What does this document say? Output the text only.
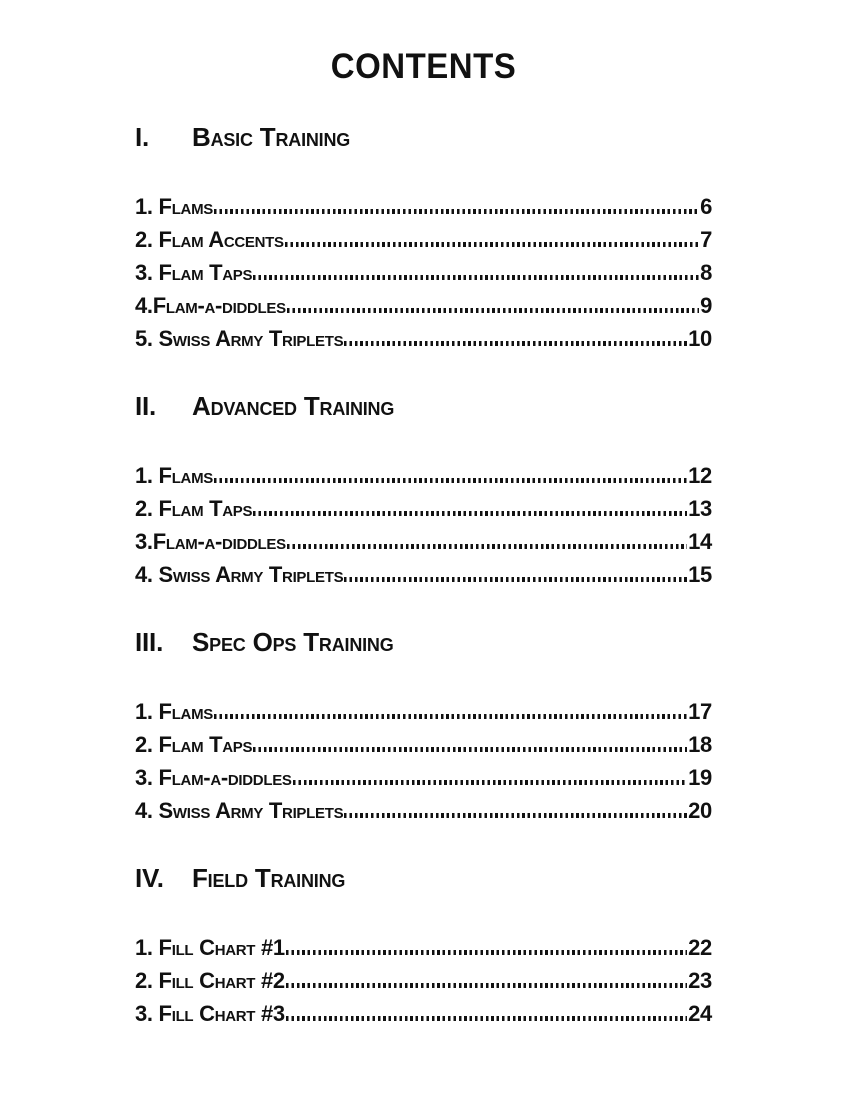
CONTENTS
I.	Basic Training
1. Flams	6
2. Flam Accents	7
3. Flam Taps	8
4.Flam-a-diddles	9
5. Swiss Army Triplets	10
II.	Advanced Training
1. Flams	12
2. Flam Taps	13
3.Flam-a-diddles	14
4. Swiss Army Triplets	15
III.	Spec Ops Training
1. Flams	17
2. Flam Taps	18
3. Flam-a-diddles	19
4. Swiss Army Triplets	20
IV.	Field Training
1. Fill Chart #1	22
2. Fill Chart #2	23
3. Fill Chart #3	24
